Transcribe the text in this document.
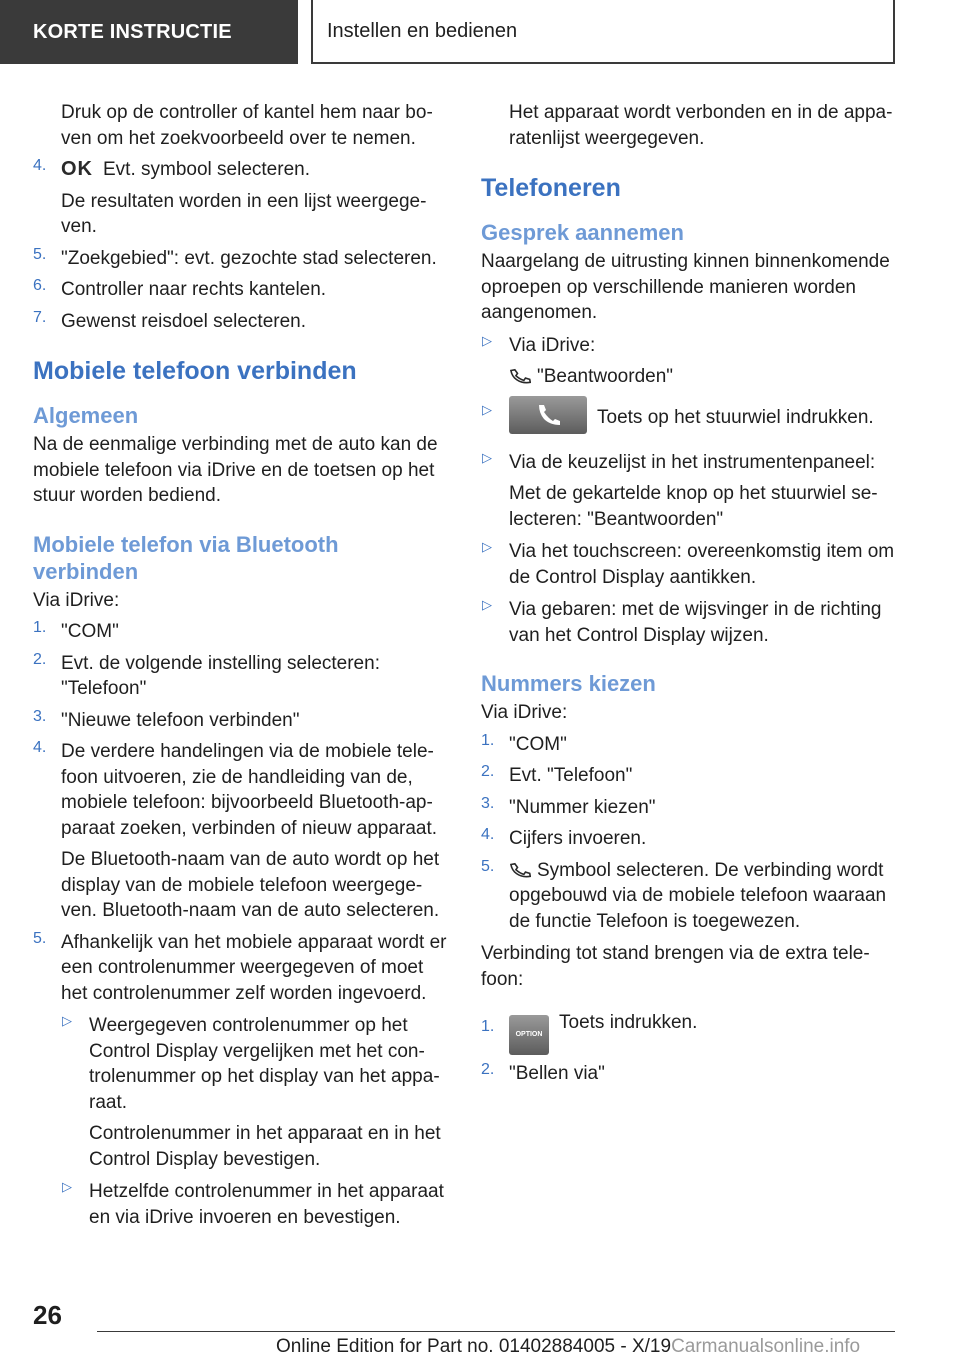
KORTE INSTRUCTIE	Instellen en bedienen

Druk op de controller of kantel hem naar boven om het zoekvoorbeeld over te nemen.

4. OK Evt. symbool selecteren.

De resultaten worden in een lijst weergegeven.

5. "Zoekgebied": evt. gezochte stad selecteren.

6. Controller naar rechts kantelen.

7. Gewenst reisdoel selecteren.

Mobiele telefoon verbinden
Algemeen

Na de eenmalige verbinding met de auto kan de mobiele telefoon via iDrive en de toetsen op het stuur worden bediend.

Mobiele telefon via Bluetooth verbinden

Via iDrive:

1. "COM"

2. Evt. de volgende instelling selecteren: "Telefoon"

3. "Nieuwe telefoon verbinden"

4. De verdere handelingen via de mobiele telefoon uitvoeren, zie de handleiding van de, mobiele telefoon: bijvoorbeeld Bluetooth-apparaat zoeken, verbinden of nieuw apparaat.

De Bluetooth-naam van de auto wordt op het display van de mobiele telefoon weergegeven. Bluetooth-naam van de auto selecteren.

5. Afhankelijk van het mobiele apparaat wordt er een controlenummer weergegeven of moet het controlenummer zelf worden ingevoerd.

▷ Weergegeven controlenummer op het Control Display vergelijken met het controlenummer op het display van het apparaat.

Controlenummer in het apparaat en in het Control Display bevestigen.

▷ Hetzelfde controlenummer in het apparaat en via iDrive invoeren en bevestigen.

Het apparaat wordt verbonden en in de apparatenlijst weergegeven.

Telefoneren
Gesprek aannemen

Naargelang de uitrusting kinnen binnenkomende oproepen op verschillende manieren worden aangenomen.

▷ Via iDrive:

"Beantwoorden"

▷	Toets op het stuurwiel indrukken.

▷ Via de keuzelijst in het instrumentenpaneel:

Met de gekartelde knop op het stuurwiel selecteren: "Beantwoorden"

▷ Via het touchscreen: overeenkomstig item om de Control Display aantikken.

▷ Via gebaren: met de wijsvinger in de richting van het Control Display wijzen.

Nummers kiezen

Via iDrive:

1. "COM"

2. Evt. "Telefoon"

3. "Nummer kiezen"

4. Cijfers invoeren.

5.	Symbool selecteren. De verbinding wordt opgebouwd via de mobiele telefoon waaraan de functie Telefoon is toegewezen.

Verbinding tot stand brengen via de extra telefoon:

1.	OPTIONToets indrukken.

2. "Bellen via"

26
Online Edition for Part no. 01402884005 - X/19Carmanualsonline.info
